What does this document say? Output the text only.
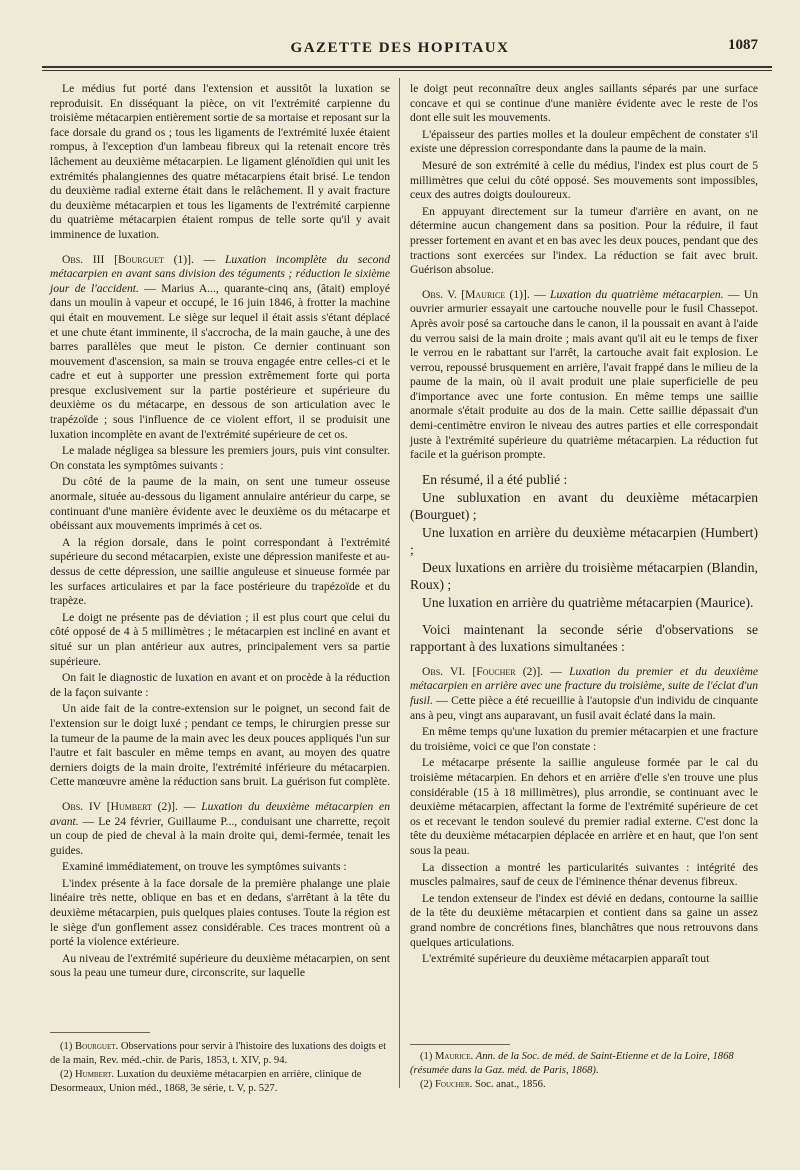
GAZETTE DES HOPITAUX	1087

Le médius fut porté dans l'extension et aussitôt la luxation se reproduisit. En disséquant la pièce, on vit l'extrémité carpienne du troisième métacarpien entièrement sortie de sa mortaise et reposant sur la face dorsale du grand os ; tous les ligaments de l'extrémité luxée étaient rompus, à l'exception d'un lambeau fibreux qui la retenait encore très lâchement au deuxième métacarpien. Le ligament glénoïdien qui unit les extrémités phalangiennes des quatre métacarpiens était brisé. Le tendon du deuxième radial externe était dans le relâchement. Il y avait fracture du deuxième métacarpien et tous les ligaments de l'extrémité carpienne du quatrième métacarpien étaient rompus de telle sorte qu'il y avait imminence de luxation.

Obs. III [Bourguet (1)]. — Luxation incomplète du second métacarpien en avant sans division des téguments ; réduction le sixième jour de l'accident. — Marius A..., quarante-cinq ans, (âtait) employé dans un moulin à vapeur et occupé, le 16 juin 1846, à frotter la machine qui était en mouvement. Le siège sur lequel il était assis s'étant déplacé et une chute étant imminente, il s'accrocha, de la main gauche, à une des barres parallèles que meut le piston. Ce dernier continuant son mouvement d'ascension, sa main se trouva engagée entre celles-ci et le cadre et eut à supporter une pression extrêmement forte qui porta presque exclusivement sur la partie postérieure et supérieure du deuxième os du métacarpe, en dessous de son articulation avec le trapézoïde ; sous l'influence de ce violent effort, il se produisit une luxation incomplète en avant de l'extrémité supérieure de cet os.

Le malade négligea sa blessure les premiers jours, puis vint consulter. On constata les symptômes suivants :

Du côté de la paume de la main, on sent une tumeur osseuse anormale, située au-dessous du ligament annulaire antérieur du carpe, se continuant d'une manière évidente avec le deuxième os du métacarpe et obéissant aux mouvements imprimés à cet os.

A la région dorsale, dans le point correspondant à l'extrémité supérieure du second métacarpien, existe une dépression manifeste et au-dessus de cette dépression, une saillie anguleuse et sinueuse formée par les surfaces articulaires et par la face postérieure du trapézoïde et du trapèze.

Le doigt ne présente pas de déviation ; il est plus court que celui du côté opposé de 4 à 5 millimètres ; le métacarpien est incliné en avant et situé sur un plan antérieur aux autres, principalement vers sa partie supérieure.

On fait le diagnostic de luxation en avant et on procède à la réduction de la façon suivante :

Un aide fait de la contre-extension sur le poignet, un second fait de l'extension sur le doigt luxé ; pendant ce temps, le chirurgien presse sur la tumeur de la paume de la main avec les deux pouces appliqués l'un sur l'autre et fait basculer en même temps en avant, au moyen des quatre derniers doigts de la main droite, l'extrémité inférieure du métacarpien. Cette manœuvre amène la réduction sans bruit. La guérison fut complète.

Obs. IV [Humbert (2)]. — Luxation du deuxième métacarpien en avant. — Le 24 février, Guillaume P..., conduisant une charrette, reçoit un coup de pied de cheval à la main droite qui, demi-fermée, tenait les guides.

Examiné immédiatement, on trouve les symptômes suivants :

L'index présente à la face dorsale de la première phalange une plaie linéaire très nette, oblique en bas et en dedans, s'arrêtant à la tête du deuxième métacarpien, puis quelques plaies contuses. Toute la région est le siège d'un gonflement assez considérable. Ces traces montrent où a porté la violence extérieure.

Au niveau de l'extrémité supérieure du deuxième métacarpien, on sent sous la peau une tumeur dure, circonscrite, sur laquelle

le doigt peut reconnaître deux angles saillants séparés par une surface concave et qui se continue d'une manière évidente avec le reste de l'os dont elle suit les mouvements.

L'épaisseur des parties molles et la douleur empêchent de constater s'il existe une dépression correspondante dans la paume de la main.

Mesuré de son extrémité à celle du médius, l'index est plus court de 5 millimètres que celui du côté opposé. Ses mouvements sont impossibles, ceux des autres doigts douloureux.

En appuyant directement sur la tumeur d'arrière en avant, on ne détermine aucun changement dans sa position. Pour la réduire, il faut presser fortement en avant et en bas avec les deux pouces, pendant que des tractions sont exercées sur l'index. La réduction se fait avec bruit. Guérison absolue.

Obs. V. [Maurice (1)]. — Luxation du quatrième métacarpien. — Un ouvrier armurier essayait une cartouche nouvelle pour le fusil Chassepot. Après avoir posé sa cartouche dans le canon, il la poussait en avant à l'aide du verrou saisi de la main droite ; mais avant qu'il ait eu le temps de fixer le verrou en le rabattant sur l'arrêt, la cartouche avait fait explosion. Le verrou, repoussé brusquement en arrière, l'avait frappé dans le milieu de la paume de la main, où il avait produit une plaie superficielle de peu d'importance avec une forte contusion. En même temps une saillie anormale s'était produite au dos de la main. Cette saillie dépassait d'un demi-centimètre environ le niveau des autres parties et elle correspondait juste à l'extrémité supérieure du quatrième métacarpien. La réduction fut facile et la guérison prompte.

En résumé, il a été publié :

Une subluxation en avant du deuxième métacarpien (Bourguet) ;

Une luxation en arrière du deuxième métacarpien (Humbert) ;

Deux luxations en arrière du troisième métacarpien (Blandin, Roux) ;

Une luxation en arrière du quatrième métacarpien (Maurice).

Voici maintenant la seconde série d'observations se rapportant à des luxations simultanées :

Obs. VI. [Foucher (2)]. — Luxation du premier et du deuxième métacarpien en arrière avec une fracture du troisième, suite de l'éclat d'un fusil. — Cette pièce a été recueillie à l'autopsie d'un individu de cinquante ans à peu, vingt ans auparavant, un fusil avait éclaté dans la main.

En même temps qu'une luxation du premier métacarpien et une fracture du troisième, voici ce que l'on constate :

Le métacarpe présente la saillie anguleuse formée par le cal du troisième métacarpien. En dehors et en arrière d'elle s'en trouve une plus considérable (15 à 18 millimètres), plus arrondie, se continuant avec le deuxième métacarpien, affectant la forme de l'extrémité supérieure de cet os et recevant le tendon soulevé du premier radial externe. C'est donc la tête du deuxième métacarpien déplacée en arrière et en haut, que l'on sent sous la peau.

La dissection a montré les particularités suivantes : intégrité des muscles palmaires, sauf de ceux de l'éminence thénar devenus fibreux.

Le tendon extenseur de l'index est dévié en dedans, contourne la saillie de la tête du deuxième métacarpien et contient dans sa gaine un assez grand nombre de concrétions fines, blanchâtres que nous retrouvons dans quelques articulations.

L'extrémité supérieure du deuxième métacarpien apparaît tout

(1) Bourguet. Observations pour servir à l'histoire des luxations des doigts et de la main, Rev. méd.-chir. de Paris, 1853, t. XIV, p. 94.

(2) Humbert. Luxation du deuxième métacarpien en arrière, clinique de Desormeaux, Union méd., 1868, 3e série, t. V, p. 527.

(1) Maurice. Ann. de la Soc. de méd. de Saint-Etienne et de la Loire, 1868 (résumée dans la Gaz. méd. de Paris, 1868).

(2) Foucher. Soc. anat., 1856.
